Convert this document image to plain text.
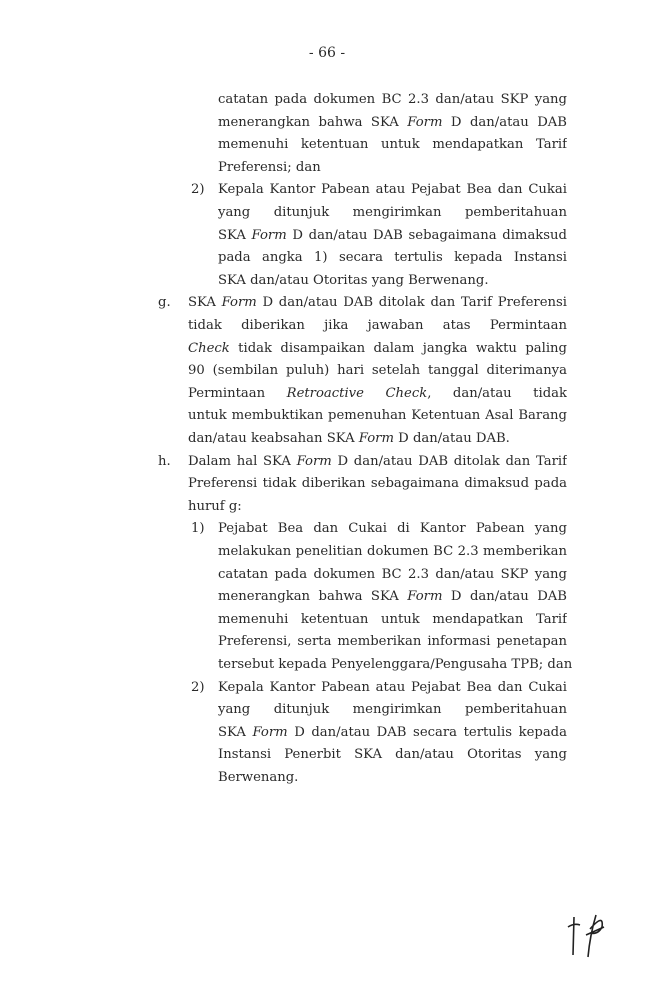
- 66 -
catatan pada dokumen BC 2.3 dan/atau SKP yang
menerangkan bahwa SKA Form D dan/atau DAB
memenuhi ketentuan untuk mendapatkan Tarif
Preferensi; dan
2) Kepala Kantor Pabean atau Pejabat Bea dan Cukai
yang ditunjuk mengirimkan pemberitahuan
SKA Form D dan/atau DAB sebagaimana dimaksud
pada angka 1) secara tertulis kepada Instansi
SKA dan/atau Otoritas yang Berwenang.
g. SKA Form D dan/atau DAB ditolak dan Tarif Preferensi
tidak diberikan jika jawaban atas Permintaan
Check tidak disampaikan dalam jangka waktu paling
90 (sembilan puluh) hari setelah tanggal diterimanya
Permintaan Retroactive Check, dan/atau tidak
untuk membuktikan pemenuhan Ketentuan Asal Barang
dan/atau keabsahan SKA Form D dan/atau DAB.
h. Dalam hal SKA Form D dan/atau DAB ditolak dan Tarif
Preferensi tidak diberikan sebagaimana dimaksud pada
huruf g:
1) Pejabat Bea dan Cukai di Kantor Pabean yang
melakukan penelitian dokumen BC 2.3 memberikan
catatan pada dokumen BC 2.3 dan/atau SKP yang
menerangkan bahwa SKA Form D dan/atau DAB
memenuhi ketentuan untuk mendapatkan Tarif
Preferensi, serta memberikan informasi penetapan
tersebut kepada Penyelenggara/Pengusaha TPB; dan
2) Kepala Kantor Pabean atau Pejabat Bea dan Cukai
yang ditunjuk mengirimkan pemberitahuan
SKA Form D dan/atau DAB secara tertulis kepada
Instansi Penerbit SKA dan/atau Otoritas yang
Berwenang.
